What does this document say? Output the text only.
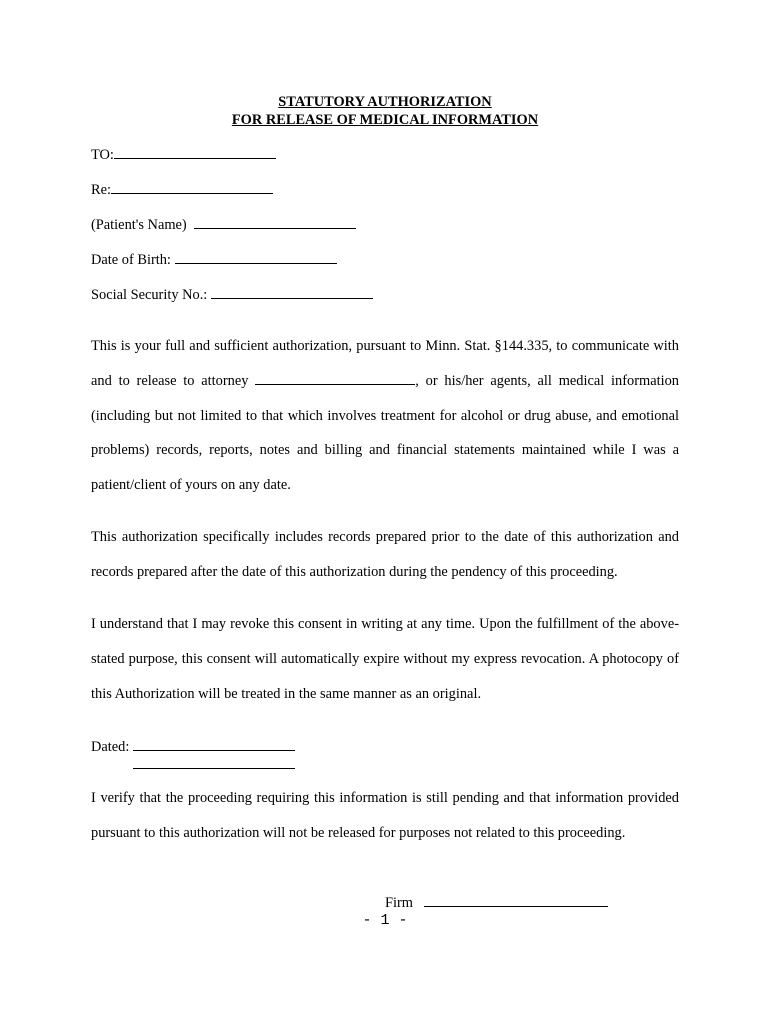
STATUTORY AUTHORIZATION
FOR RELEASE OF MEDICAL INFORMATION
TO:
Re:
(Patient's Name)
Date of Birth:
Social Security No.:

This is your full and sufficient authorization, pursuant to Minn. Stat. §144.335, to communicate with and to release to attorney	, or his/her agents, all medical information (including but not limited to that which involves treatment for alcohol or drug abuse, and emotional problems) records, reports, notes and billing and financial statements maintained while I was a patient/client of yours on any date.

This authorization specifically includes records prepared prior to the date of this authorization and records prepared after the date of this authorization during the pendency of this proceeding.

I understand that I may revoke this consent in writing at any time. Upon the fulfillment of the above-stated purpose, this consent will automatically expire without my express revocation. A photocopy of this Authorization will be treated in the same manner as an original.

Dated:

I verify that the proceeding requiring this information is still pending and that information provided pursuant to this authorization will not be released for purposes not related to this proceeding.

Firm
- 1 -
